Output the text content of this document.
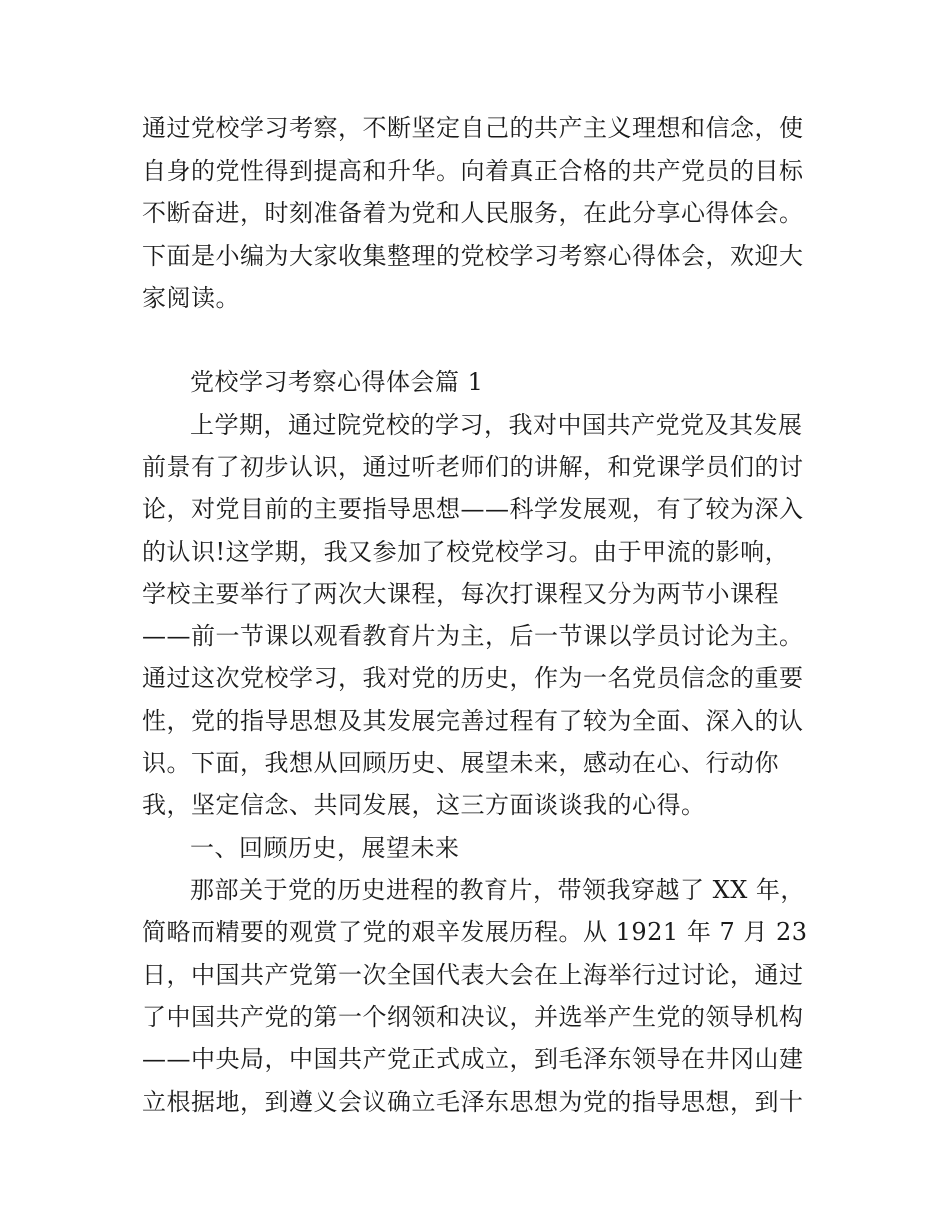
通过党校学习考察，不断坚定自己的共产主义理想和信念，使
自身的党性得到提高和升华。向着真正合格的共产党员的目标
不断奋进，时刻准备着为党和人民服务，在此分享心得体会。
下面是小编为大家收集整理的党校学习考察心得体会，欢迎大
家阅读。
党校学习考察心得体会篇 1
上学期，通过院党校的学习，我对中国共产党党及其发展
前景有了初步认识，通过听老师们的讲解，和党课学员们的讨
论，对党目前的主要指导思想——科学发展观，有了较为深入
的认识!这学期，我又参加了校党校学习。由于甲流的影响，
学校主要举行了两次大课程，每次打课程又分为两节小课程
——前一节课以观看教育片为主，后一节课以学员讨论为主。
通过这次党校学习，我对党的历史，作为一名党员信念的重要
性，党的指导思想及其发展完善过程有了较为全面、深入的认
识。下面，我想从回顾历史、展望未来，感动在心、行动你
我，坚定信念、共同发展，这三方面谈谈我的心得。
一、回顾历史，展望未来
那部关于党的历史进程的教育片，带领我穿越了 XX 年，
简略而精要的观赏了党的艰辛发展历程。从 1921 年 7 月 23
日，中国共产党第一次全国代表大会在上海举行过讨论，通过
了中国共产党的第一个纲领和决议，并选举产生党的领导机构
——中央局，中国共产党正式成立，到毛泽东领导在井冈山建
立根据地，到遵义会议确立毛泽东思想为党的指导思想，到十
